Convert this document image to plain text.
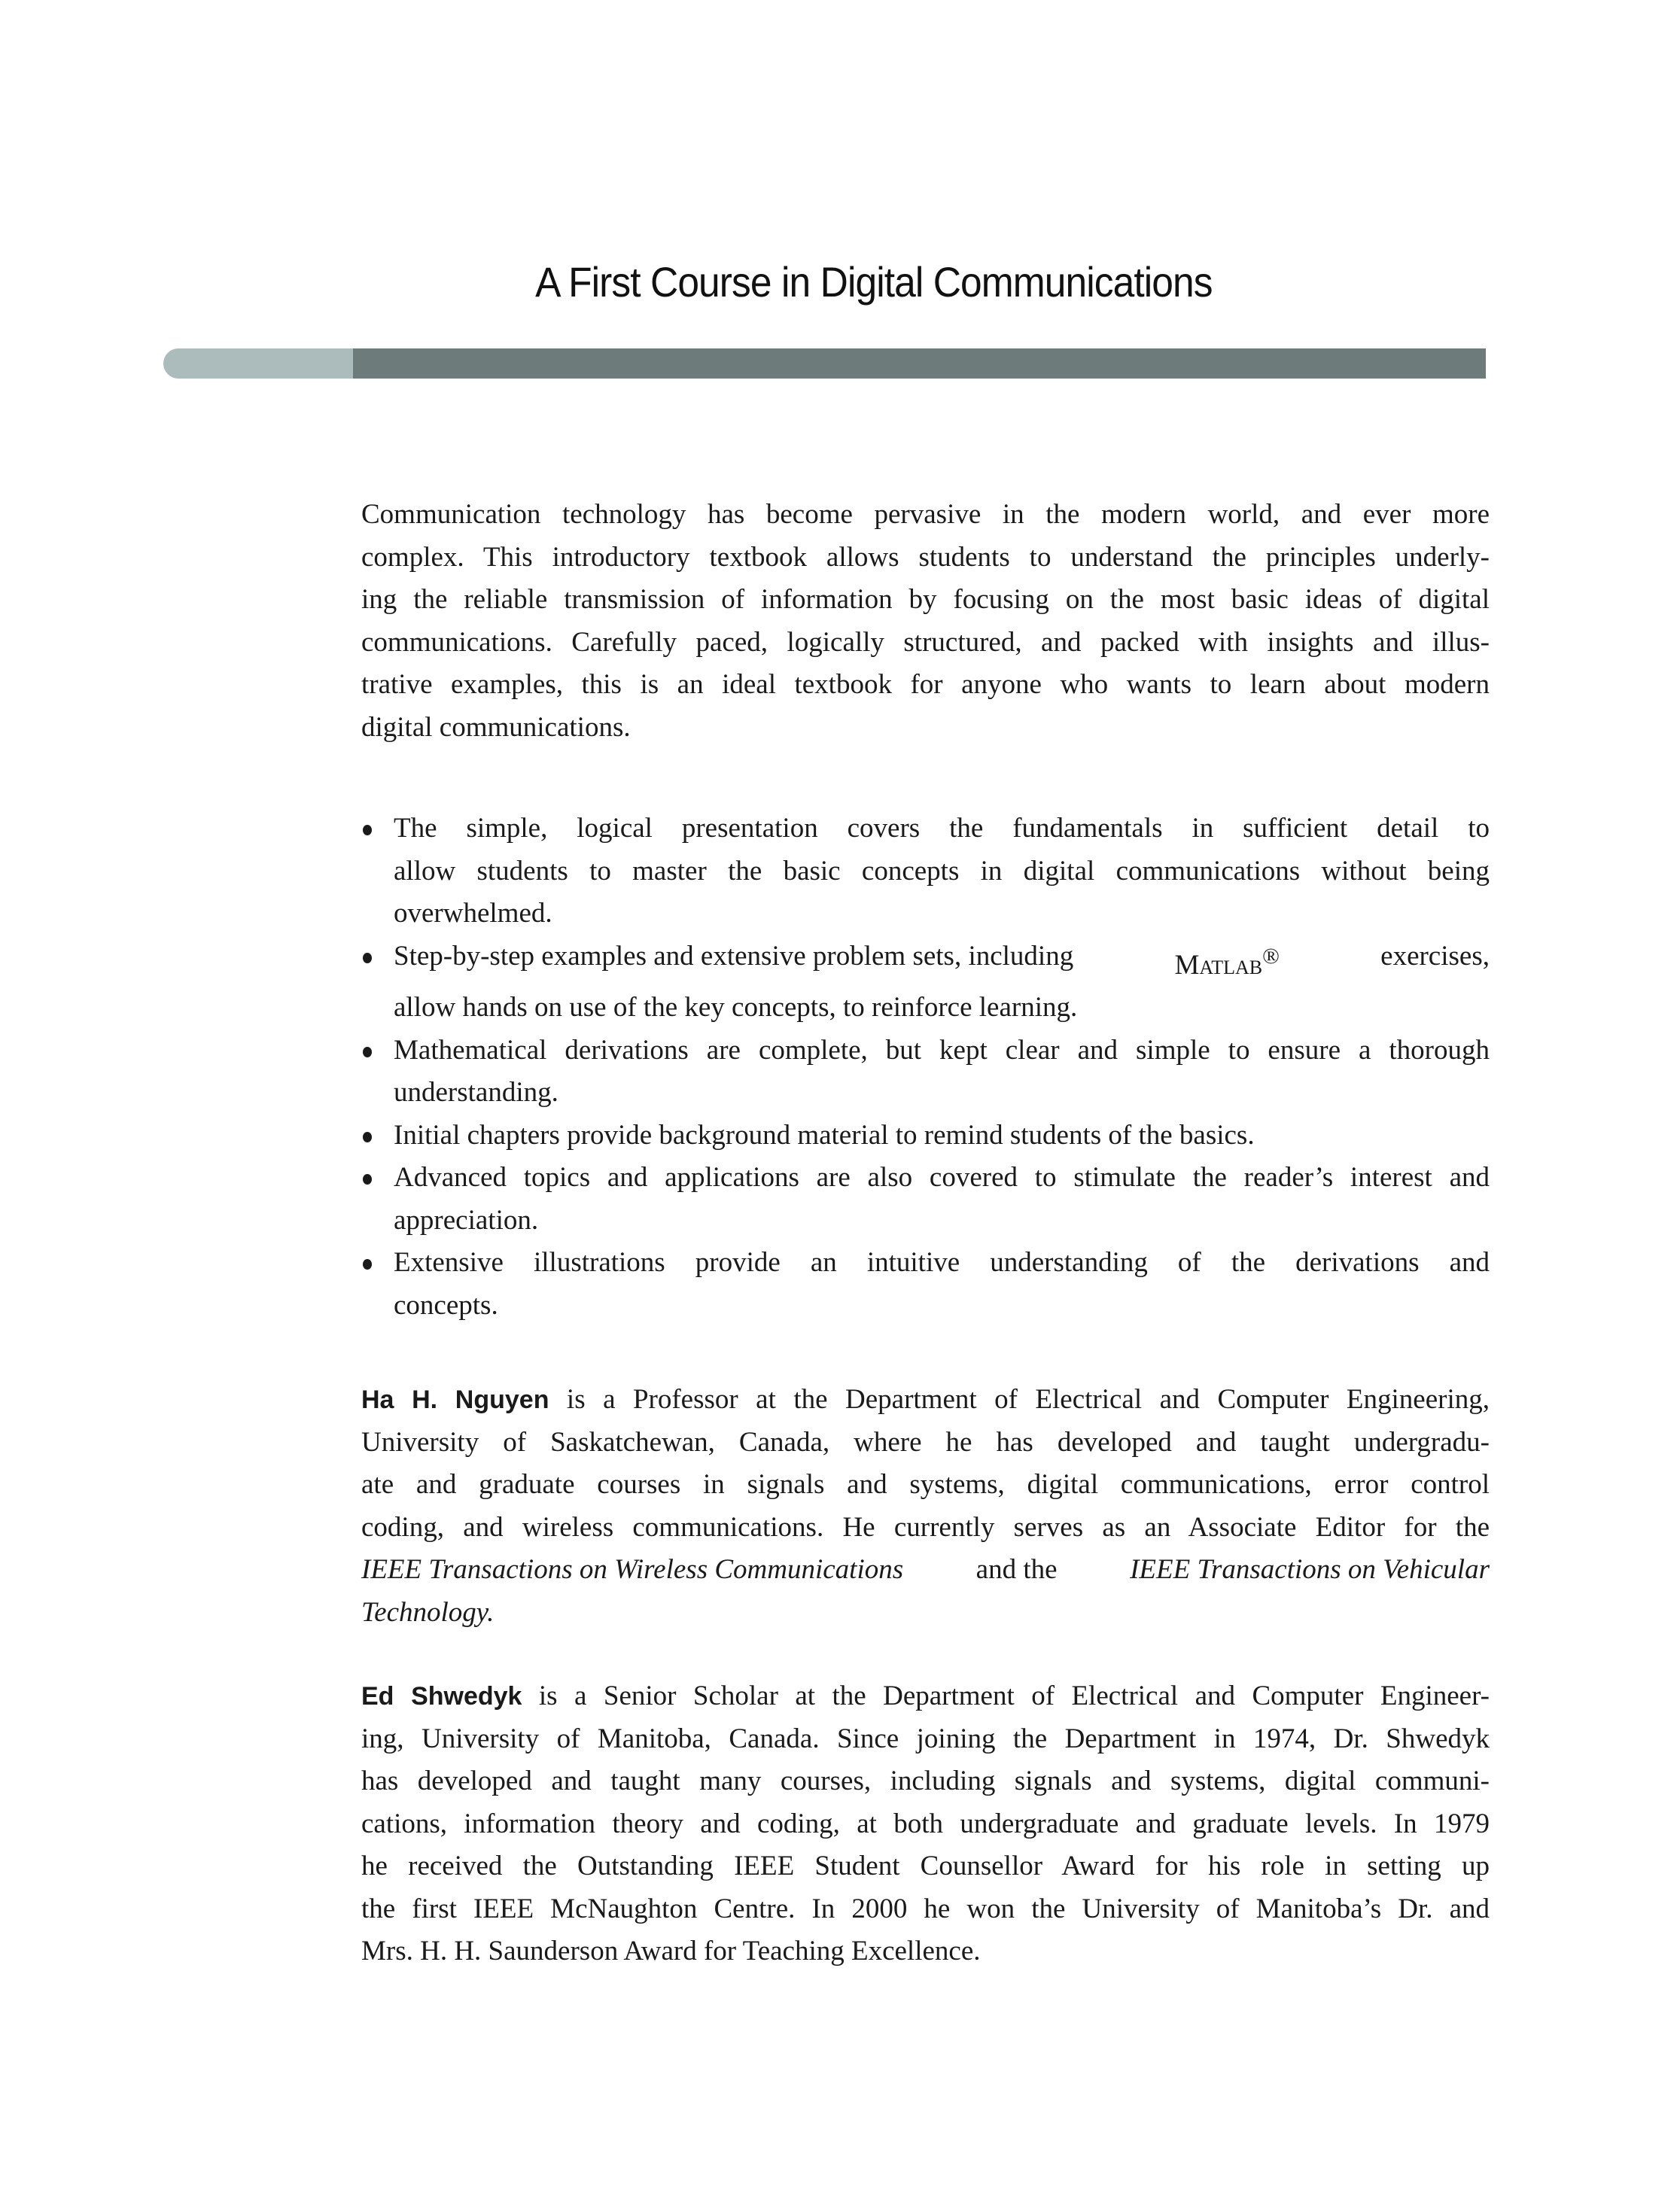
A First Course in Digital Communications
Communication technology has become pervasive in the modern world, and ever more
complex. This introductory textbook allows students to understand the principles underly-
ing the reliable transmission of information by focusing on the most basic ideas of digital
communications. Carefully paced, logically structured, and packed with insights and illus-
trative examples, this is an ideal textbook for anyone who wants to learn about modern
digital communications.
The simple, logical presentation covers the fundamentals in sufficient detail to
allow students to master the basic concepts in digital communications without being
overwhelmed.
Step-by-step examples and extensive problem sets, including	Matlab®	exercises,
allow hands on use of the key concepts, to reinforce learning.
Mathematical derivations are complete, but kept clear and simple to ensure a thorough
understanding.
Initial chapters provide background material to remind students of the basics.
Advanced topics and applications are also covered to stimulate the reader’s interest and
appreciation.
Extensive illustrations provide an intuitive understanding of the derivations and
concepts.
Ha H. Nguyen is a Professor at the Department of Electrical and Computer Engineering,
University of Saskatchewan, Canada, where he has developed and taught undergradu-
ate and graduate courses in signals and systems, digital communications, error control
coding, and wireless communications. He currently serves as an Associate Editor for the
IEEE Transactions on Wireless Communications and the IEEE Transactions on Vehicular
Technology.
Ed Shwedyk is a Senior Scholar at the Department of Electrical and Computer Engineer-
ing, University of Manitoba, Canada. Since joining the Department in 1974, Dr. Shwedyk
has developed and taught many courses, including signals and systems, digital communi-
cations, information theory and coding, at both undergraduate and graduate levels. In 1979
he received the Outstanding IEEE Student Counsellor Award for his role in setting up
the first IEEE McNaughton Centre. In 2000 he won the University of Manitoba’s Dr. and
Mrs. H. H. Saunderson Award for Teaching Excellence.
